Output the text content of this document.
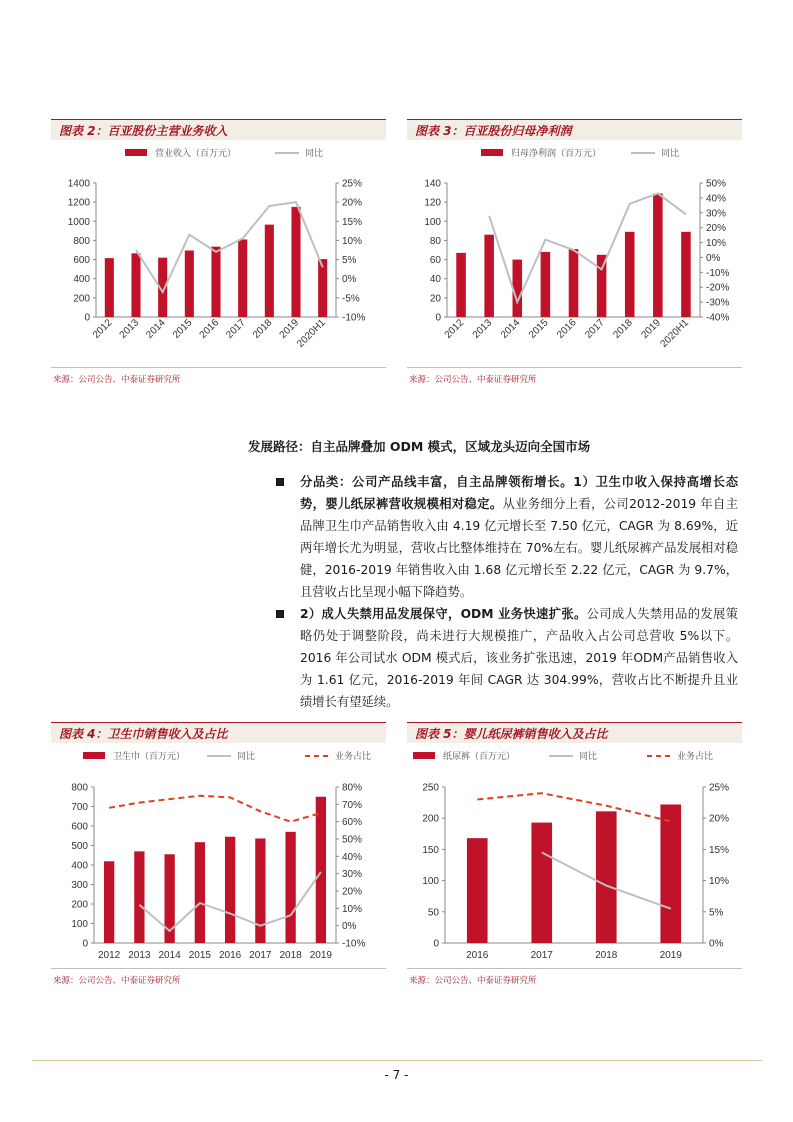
图表 2：百亚股份主营业务收入
营业收入（百万元）	同比
0
200
400
600
800
1000
1200
1400
-10%
-5%
0%
5%
10%
15%
20%
25%
2012 2013 2014 2015 2016 2017 2018 2019
2020H1
来源：公司公告、中泰证券研究所
图表 3：百亚股份归母净利润
归母净利润（百万元）	同比
0
20
40
60
80
100
120
140
-40%
-30%
-20%
-10%
0%
10%
20%
30%
40%
50%
2012 2013 2014 2015 2016 2017 2018 2019
2020H1
来源：公司公告、中泰证券研究所
发展路径：自主品牌叠加 ODM 模式，区域龙头迈向全国市场
分品类：公司产品线丰富，自主品牌领衔增长。1）卫生巾收入保持高增长态势，婴儿纸尿裤营收规模相对稳定。从业务细分上看，公司2012-2019 年自主品牌卫生巾产品销售收入由 4.19 亿元增长至 7.50 亿元，CAGR 为 8.69%，近两年增长尤为明显，营收占比整体维持在 70%左右。婴儿纸尿裤产品发展相对稳健，2016-2019 年销售收入由 1.68 亿元增长至 2.22 亿元，CAGR 为 9.7%，且营收占比呈现小幅下降趋势。
2）成人失禁用品发展保守，ODM 业务快速扩张。公司成人失禁用品的发展策略仍处于调整阶段，尚未进行大规模推广，产品收入占公司总营收 5%以下。2016 年公司试水 ODM 模式后，该业务扩张迅速，2019 年ODM产品销售收入为 1.61 亿元，2016-2019 年间 CAGR 达 304.99%，营收占比不断提升且业绩增长有望延续。
图表 4：卫生巾销售收入及占比
卫生巾（百万元）	同比	业务占比
0
100
200
300
400
500
600
700
800
-10%
0%
10%
20%
30%
40%
50%
60%
70%
80%
2012 2013 2014 2015 2016 2017 2018 2019
来源：公司公告、中泰证券研究所
图表 5：婴儿纸尿裤销售收入及占比
纸尿裤（百万元）	同比	业务占比
0
50
100
150
200
250
0%
5%
10%
15%
20%
25%
2016	2017	2018	2019
来源：公司公告、中泰证券研究所
- 7 -
